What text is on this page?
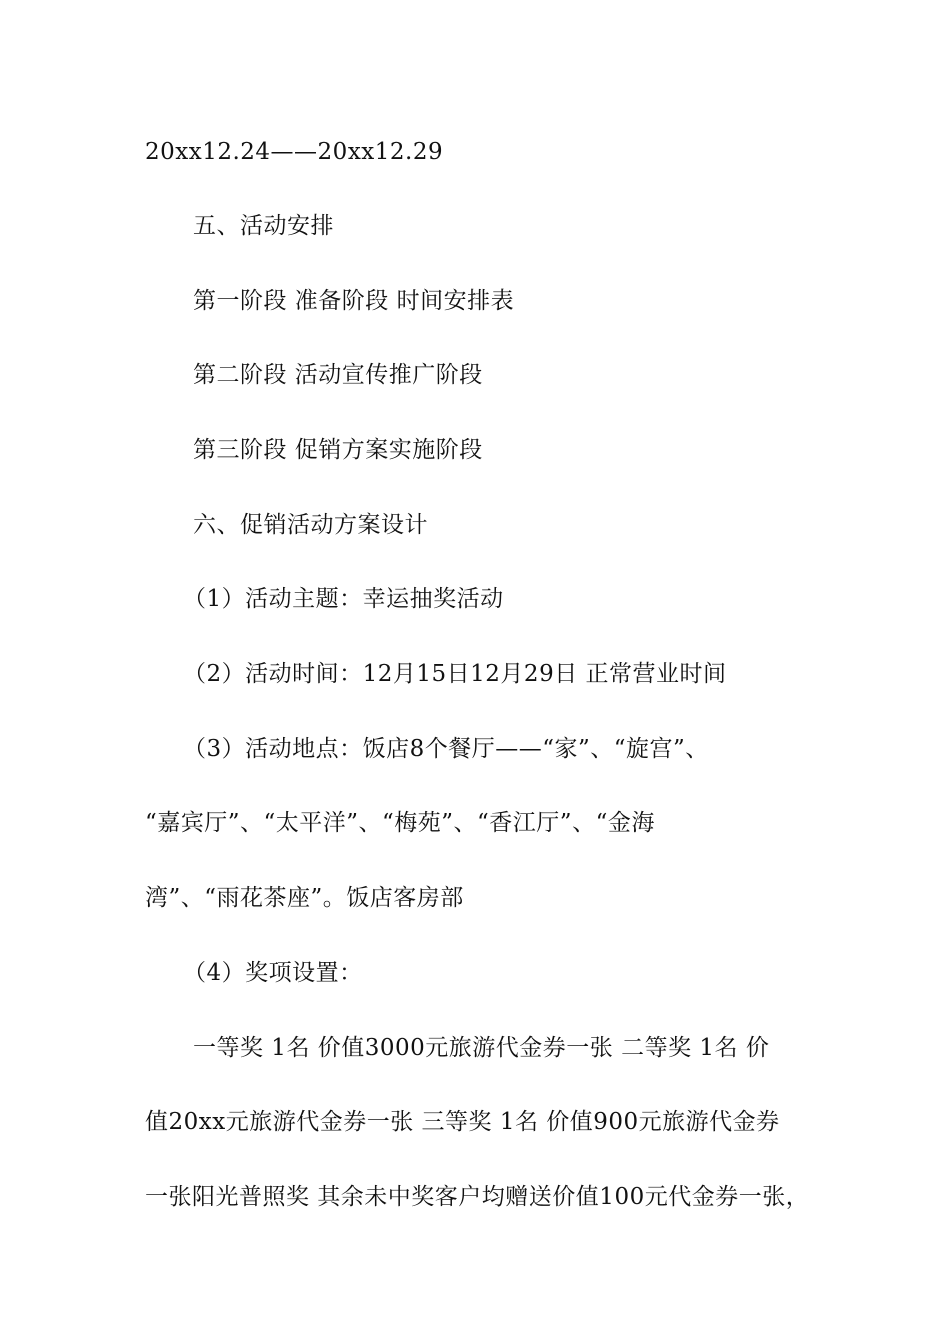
20xx12.24——20xx12.29
五、活动安排
第一阶段 准备阶段 时间安排表
第二阶段 活动宣传推广阶段
第三阶段 促销方案实施阶段
六、促销活动方案设计
（1）活动主题：幸运抽奖活动
（2）活动时间：12月15日12月29日 正常营业时间
（3）活动地点：饭店8个餐厅——“家”、“旋宫”、
“嘉宾厅”、“太平洋”、“梅苑”、“香江厅”、“金海
湾”、“雨花茶座”。饭店客房部
（4）奖项设置：
一等奖 1名 价值3000元旅游代金券一张 二等奖 1名 价
值20xx元旅游代金券一张 三等奖 1名 价值900元旅游代金券
一张阳光普照奖 其余未中奖客户均赠送价值100元代金券一张，
